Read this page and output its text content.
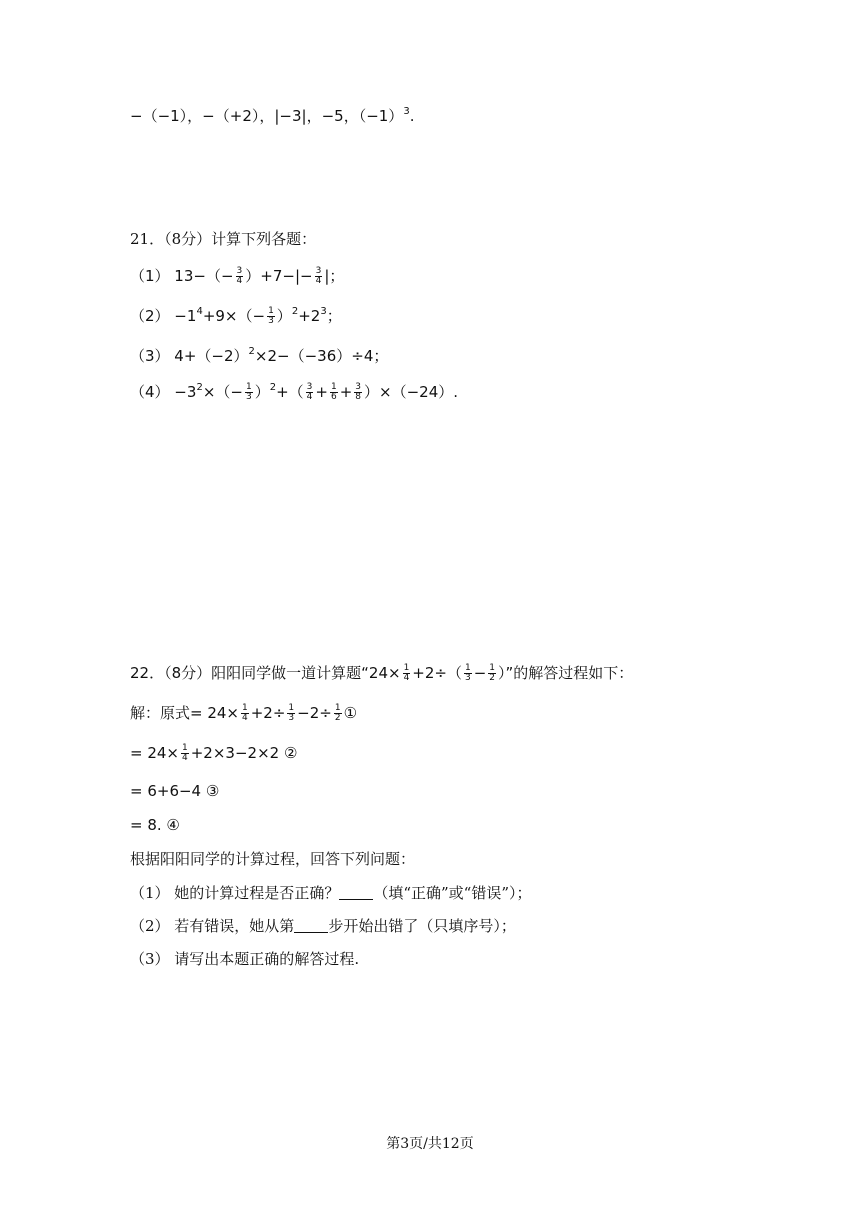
−（−1），−（+2），|−3|，−5，$(-1)^3$.
21．（8分）计算下列各题：
（1） $13-(- \frac{3}{4} )+7-|- \frac{3}{4}$ |；
$(2) -1^4+9\times(- \frac{1}{3} )^2+2^3$；
（3） $4+(-2)^2\times 2-(-36)\div 4$；
$(4) -3^2\times(- \frac{1}{3} )^2+( \frac{3}{4} + \frac{1}{6} + \frac{3}{8} )\times(-24)$.
22．（8分）阳阳同学做一道计算题“$24\times \frac{1}{4} +2\div( \frac{1}{3} - \frac{1}{2}$ ）”的解答过程如下：
解：原式= $24\times \frac{1}{4} +2\div \frac{1}{3} -2\div \frac{1}{2}$ ①
= $24\times \frac{1}{4} +2\times 3-2\times 2$ ②
= 6+6−4 ③
= 8. ④
根据阳阳同学的计算过程，回答下列问题：
（1） 她的计算过程是否正确？ （填“正确”或“错误”）；
（2） 若有错误，她从第 步开始出错了（只填序号）；
（3） 请写出本题正确的解答过程.
第3页/共12页
